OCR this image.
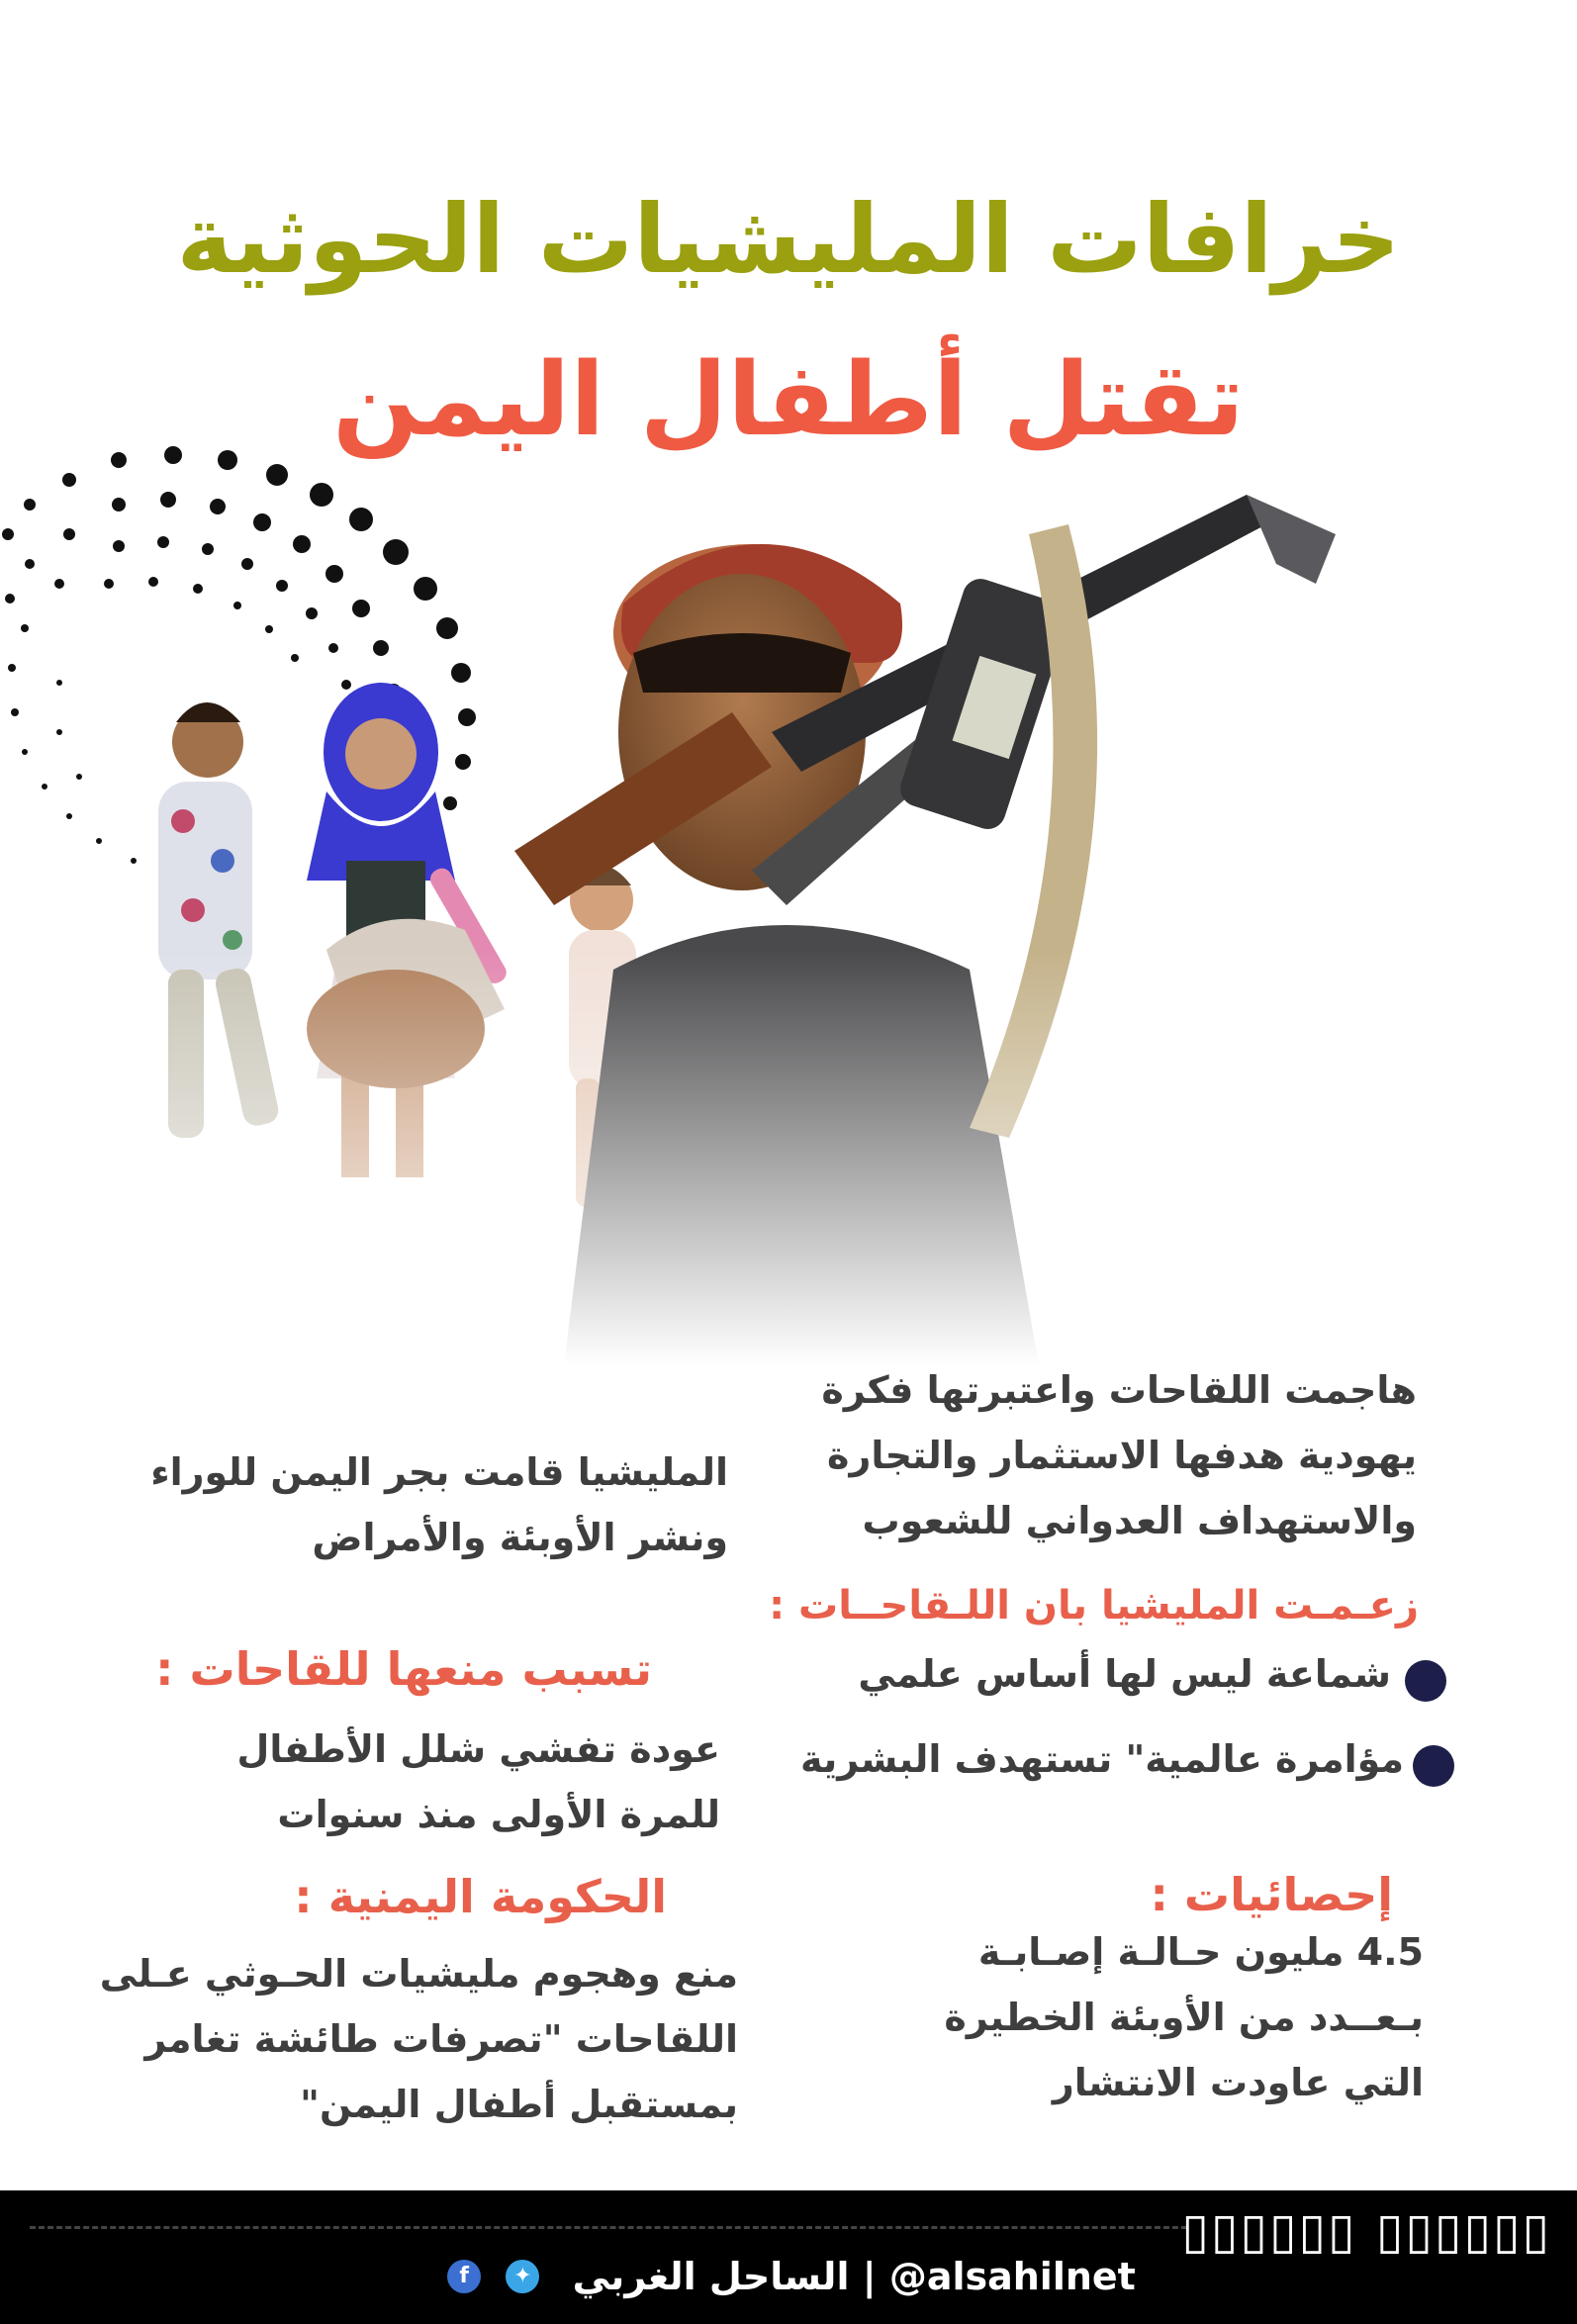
خرافات المليشيات الحوثية
تقتل أطفال اليمن
هاجمت اللقاحات واعتبرتها فكرة
يهودية هدفها الاستثمار والتجارة
والاستهداف العدواني للشعوب
زعـمـت المليشيا بان اللـقاحــات :
شماعة ليس لها أساس علمي
مؤامرة عالمية" تستهدف البشرية
إحصائيات :
4.5 مليون حـالـة إصـابـة
بـعــدد من الأوبئة الخطيرة
التي عاودت الانتشار
المليشيا قامت بجر اليمن للوراء
ونشر الأوبئة والأمراض
تسبب منعها للقاحات :
عودة تفشي شلل الأطفال
للمرة الأولى منذ سنوات
الحكومة اليمنية :
منع وهجوم مليشيات الحـوثي عـلى
اللقاحات "تصرفات طائشة تغامر
بمستقبل أطفال اليمن"
▯▯▯▯▯▯ ▯▯▯▯▯▯
f ✦ الساحل الغربي | @alsahilnet
